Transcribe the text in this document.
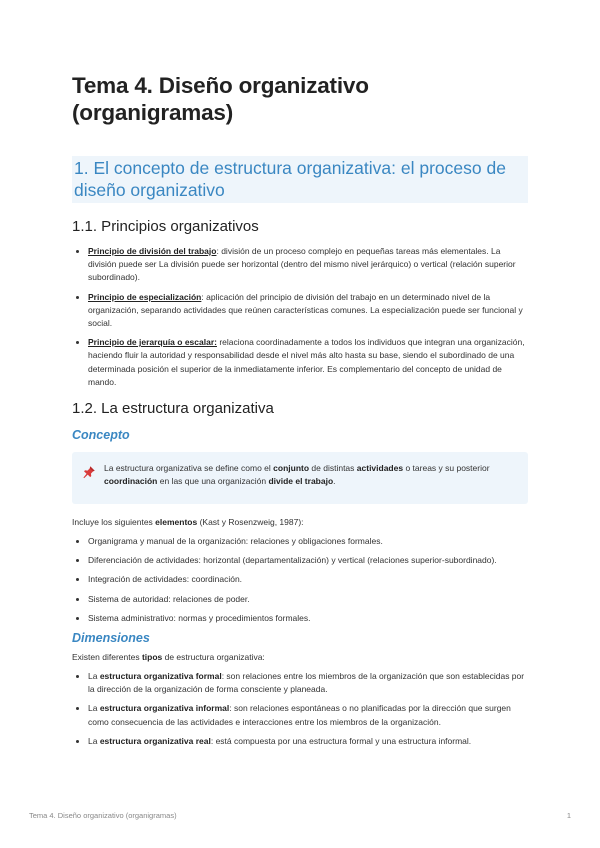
Tema 4. Diseño organizativo (organigramas)
1. El concepto de estructura organizativa: el proceso de diseño organizativo
1.1. Principios organizativos
• Principio de división del trabajo: división de un proceso complejo en pequeñas tareas más elementales. La división puede ser La división puede ser horizontal (dentro del mismo nivel jerárquico) o vertical (relación superior subordinado).
• Principio de especialización: aplicación del principio de división del trabajo en un determinado nivel de la organización, separando actividades que reúnen características comunes. La especialización puede ser funcional y social.
• Principio de jerarquía o escalar: relaciona coordinadamente a todos los individuos que integran una organización, haciendo fluir la autoridad y responsabilidad desde el nivel más alto hasta su base, siendo el subordinado de una determinada posición el superior de la inmediatamente inferior. Es complementario del concepto de unidad de mando.
1.2. La estructura organizativa
Concepto
La estructura organizativa se define como el conjunto de distintas actividades o tareas y su posterior coordinación en las que una organización divide el trabajo.

Incluye los siguientes elementos (Kast y Rosenzweig, 1987):

• Organigrama y manual de la organización: relaciones y obligaciones formales.
• Diferenciación de actividades: horizontal (departamentalización) y vertical (relaciones superior-subordinado).
• Integración de actividades: coordinación.
• Sistema de autoridad: relaciones de poder.
• Sistema administrativo: normas y procedimientos formales.
Dimensiones

Existen diferentes tipos de estructura organizativa:

• La estructura organizativa formal: son relaciones entre los miembros de la organización que son establecidas por la dirección de la organización de forma consciente y planeada.
• La estructura organizativa informal: son relaciones espontáneas o no planificadas por la dirección que surgen como consecuencia de las actividades e interacciones entre los miembros de la organización.
• La estructura organizativa real: está compuesta por una estructura formal y una estructura informal.
Tema 4. Diseño organizativo (organigramas)	1
